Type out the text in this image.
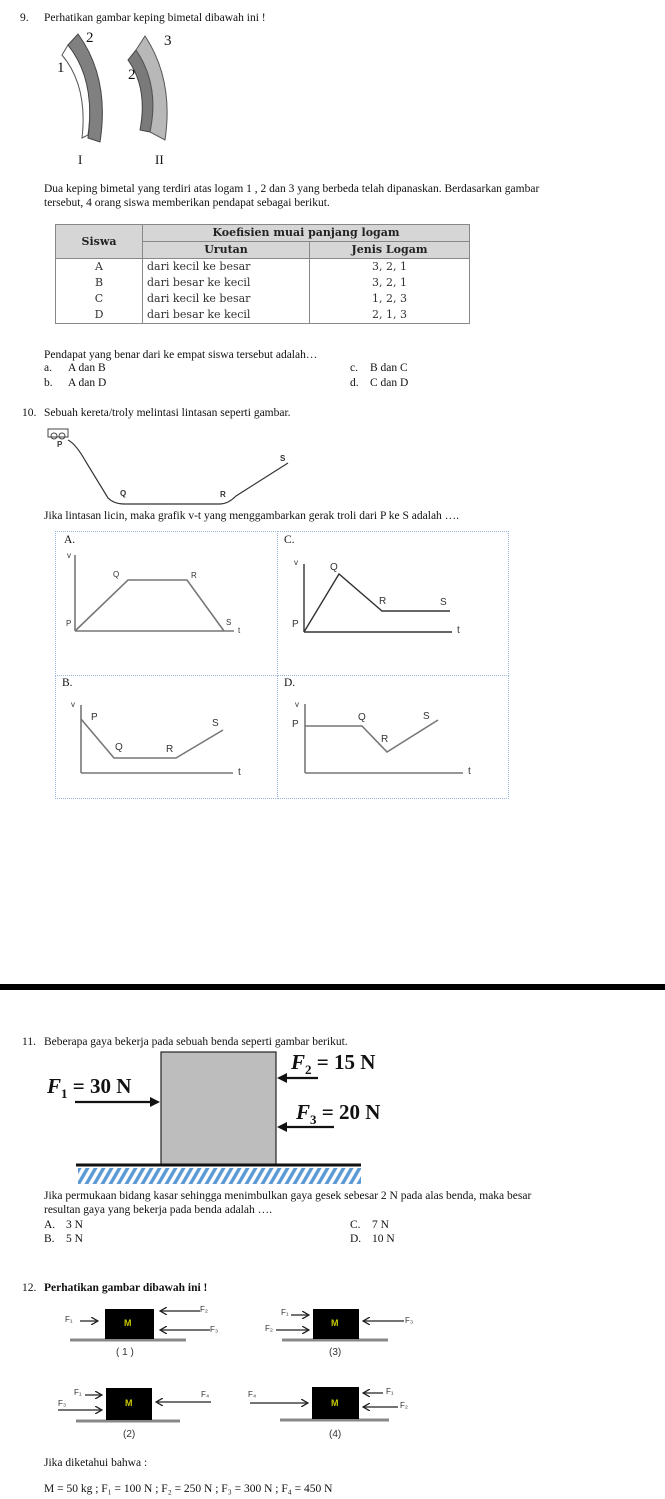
9. Perhatikan gambar keping bimetal dibawah ini !
2
1
3
2
I	II
Dua keping bimetal yang terdiri atas logam 1 , 2 dan 3 yang berbeda telah dipanaskan. Berdasarkan gambar
tersebut, 4 orang siswa memberikan pendapat sebagai berikut.
Siswa	Koefisien muai panjang logam	
	Urutan	Jenis Logam
A	dari kecil ke besar	3, 2, 1
B	dari besar ke kecil	3, 2, 1
C	dari kecil ke besar	1, 2, 3
D	dari besar ke kecil	2, 1, 3
Pendapat yang benar dari ke empat siswa tersebut adalah…
a. A dan B
b. A dan D
c. B dan C
d. C dan D
10. Sebuah kereta/troly melintasi lintasan seperti gambar.
P
Q	R
S
Jika lintasan licin, maka grafik v-t yang menggambarkan gerak troli dari P ke S adalah ….
A.	C.
B.	D.
v
Q	R
P	S
t
v	Q
R	S
P
t
v
P
Q	R
S
t
v
P
Q
R
S
t
11. Beberapa gaya bekerja pada sebuah benda seperti gambar berikut.
$F_1 = 30$ N
$F_2 = 15$ N
$F_3 = 20$ N
Jika permukaan bidang kasar sehingga menimbulkan gaya gesek sebesar 2 N pada alas benda, maka besar
resultan gaya yang bekerja pada benda adalah ….
A. 3 N
B. 5 N
C. 7 N
D. 10 N
12. Perhatikan gambar dibawah ini !
M	M
M	M
F₁
F₂
F₃
( 1 )
F₁
F₂
F₃
(3)
F₁
F₃
F₄
(2)
F₄	F₁
F₂
(4)
Jika diketahui bahwa :
M = 50 kg ; F₁ = 100 N ; F₂ = 250 N ; F₃ = 300 N ; F₄ = 450 N
